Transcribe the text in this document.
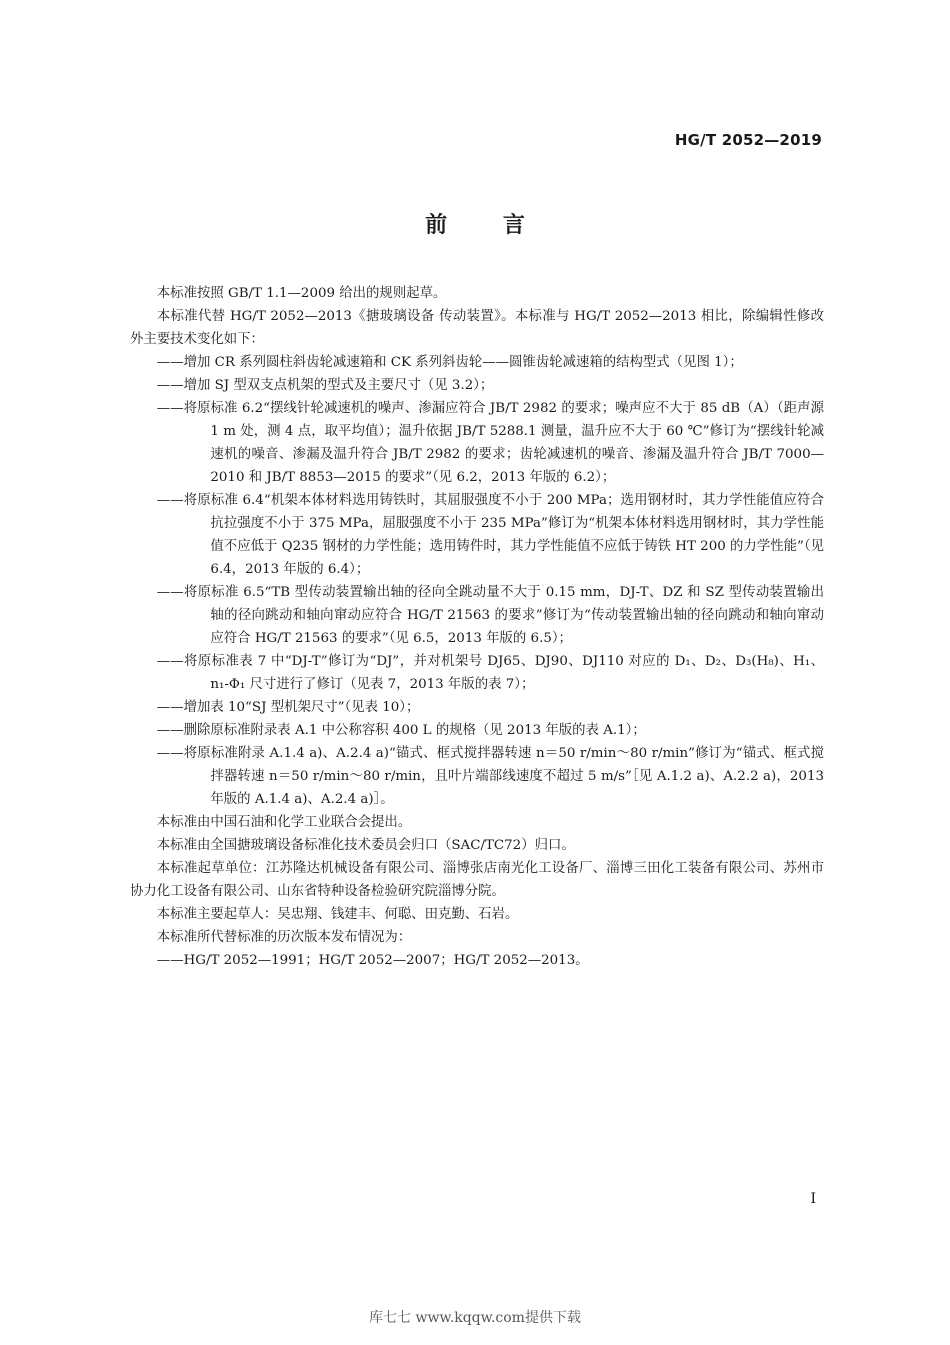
HG/T 2052—2019
前	言

本标准按照 GB/T 1.1—2009 给出的规则起草。

本标准代替 HG/T 2052—2013《搪玻璃设备 传动装置》。本标准与 HG/T 2052—2013 相比，除编辑性修改外主要技术变化如下：

——增加 CR 系列圆柱斜齿轮减速箱和 CK 系列斜齿轮——圆锥齿轮减速箱的结构型式（见图 1）；

——增加 SJ 型双支点机架的型式及主要尺寸（见 3.2）；

——将原标准 6.2“摆线针轮减速机的噪声、渗漏应符合 JB/T 2982 的要求；噪声应不大于 85 dB（A）（距声源 1 m 处，测 4 点，取平均值）；温升依据 JB/T 5288.1 测量，温升应不大于 60 ℃”修订为“摆线针轮减速机的噪音、渗漏及温升符合 JB/T 2982 的要求；齿轮减速机的噪音、渗漏及温升符合 JB/T 7000—2010 和 JB/T 8853—2015 的要求”（见 6.2，2013 年版的 6.2）；

——将原标准 6.4“机架本体材料选用铸铁时，其屈服强度不小于 200 MPa；选用钢材时，其力学性能值应符合抗拉强度不小于 375 MPa，屈服强度不小于 235 MPa”修订为“机架本体材料选用钢材时，其力学性能值不应低于 Q235 钢材的力学性能；选用铸件时，其力学性能值不应低于铸铁 HT 200 的力学性能”（见 6.4，2013 年版的 6.4）；

——将原标准 6.5“TB 型传动装置输出轴的径向全跳动量不大于 0.15 mm，DJ-T、DZ 和 SZ 型传动装置输出轴的径向跳动和轴向窜动应符合 HG/T 21563 的要求”修订为“传动装置输出轴的径向跳动和轴向窜动应符合 HG/T 21563 的要求”（见 6.5，2013 年版的 6.5）；

——将原标准表 7 中“DJ-T”修订为“DJ”，并对机架号 DJ65、DJ90、DJ110 对应的 D₁、D₂、D₃(H₈)、H₁、n₁-Φ₁ 尺寸进行了修订（见表 7，2013 年版的表 7）；

——增加表 10“SJ 型机架尺寸”（见表 10）；

——删除原标准附录表 A.1 中公称容积 400 L 的规格（见 2013 年版的表 A.1）；

——将原标准附录 A.1.4 a)、A.2.4 a)“锚式、框式搅拌器转速 n＝50 r/min～80 r/min”修订为“锚式、框式搅拌器转速 n＝50 r/min～80 r/min，且叶片端部线速度不超过 5 m/s”［见 A.1.2 a)、A.2.2 a)，2013 年版的 A.1.4 a)、A.2.4 a)］。

本标准由中国石油和化学工业联合会提出。

本标准由全国搪玻璃设备标准化技术委员会归口（SAC/TC72）归口。

本标准起草单位：江苏隆达机械设备有限公司、淄博张店南光化工设备厂、淄博三田化工装备有限公司、苏州市协力化工设备有限公司、山东省特种设备检验研究院淄博分院。

本标准主要起草人：吴忠翔、钱建丰、何聪、田克勤、石岩。

本标准所代替标准的历次版本发布情况为：

——HG/T 2052—1991；HG/T 2052—2007；HG/T 2052—2013。

I
库七七 www.kqqw.com提供下载
